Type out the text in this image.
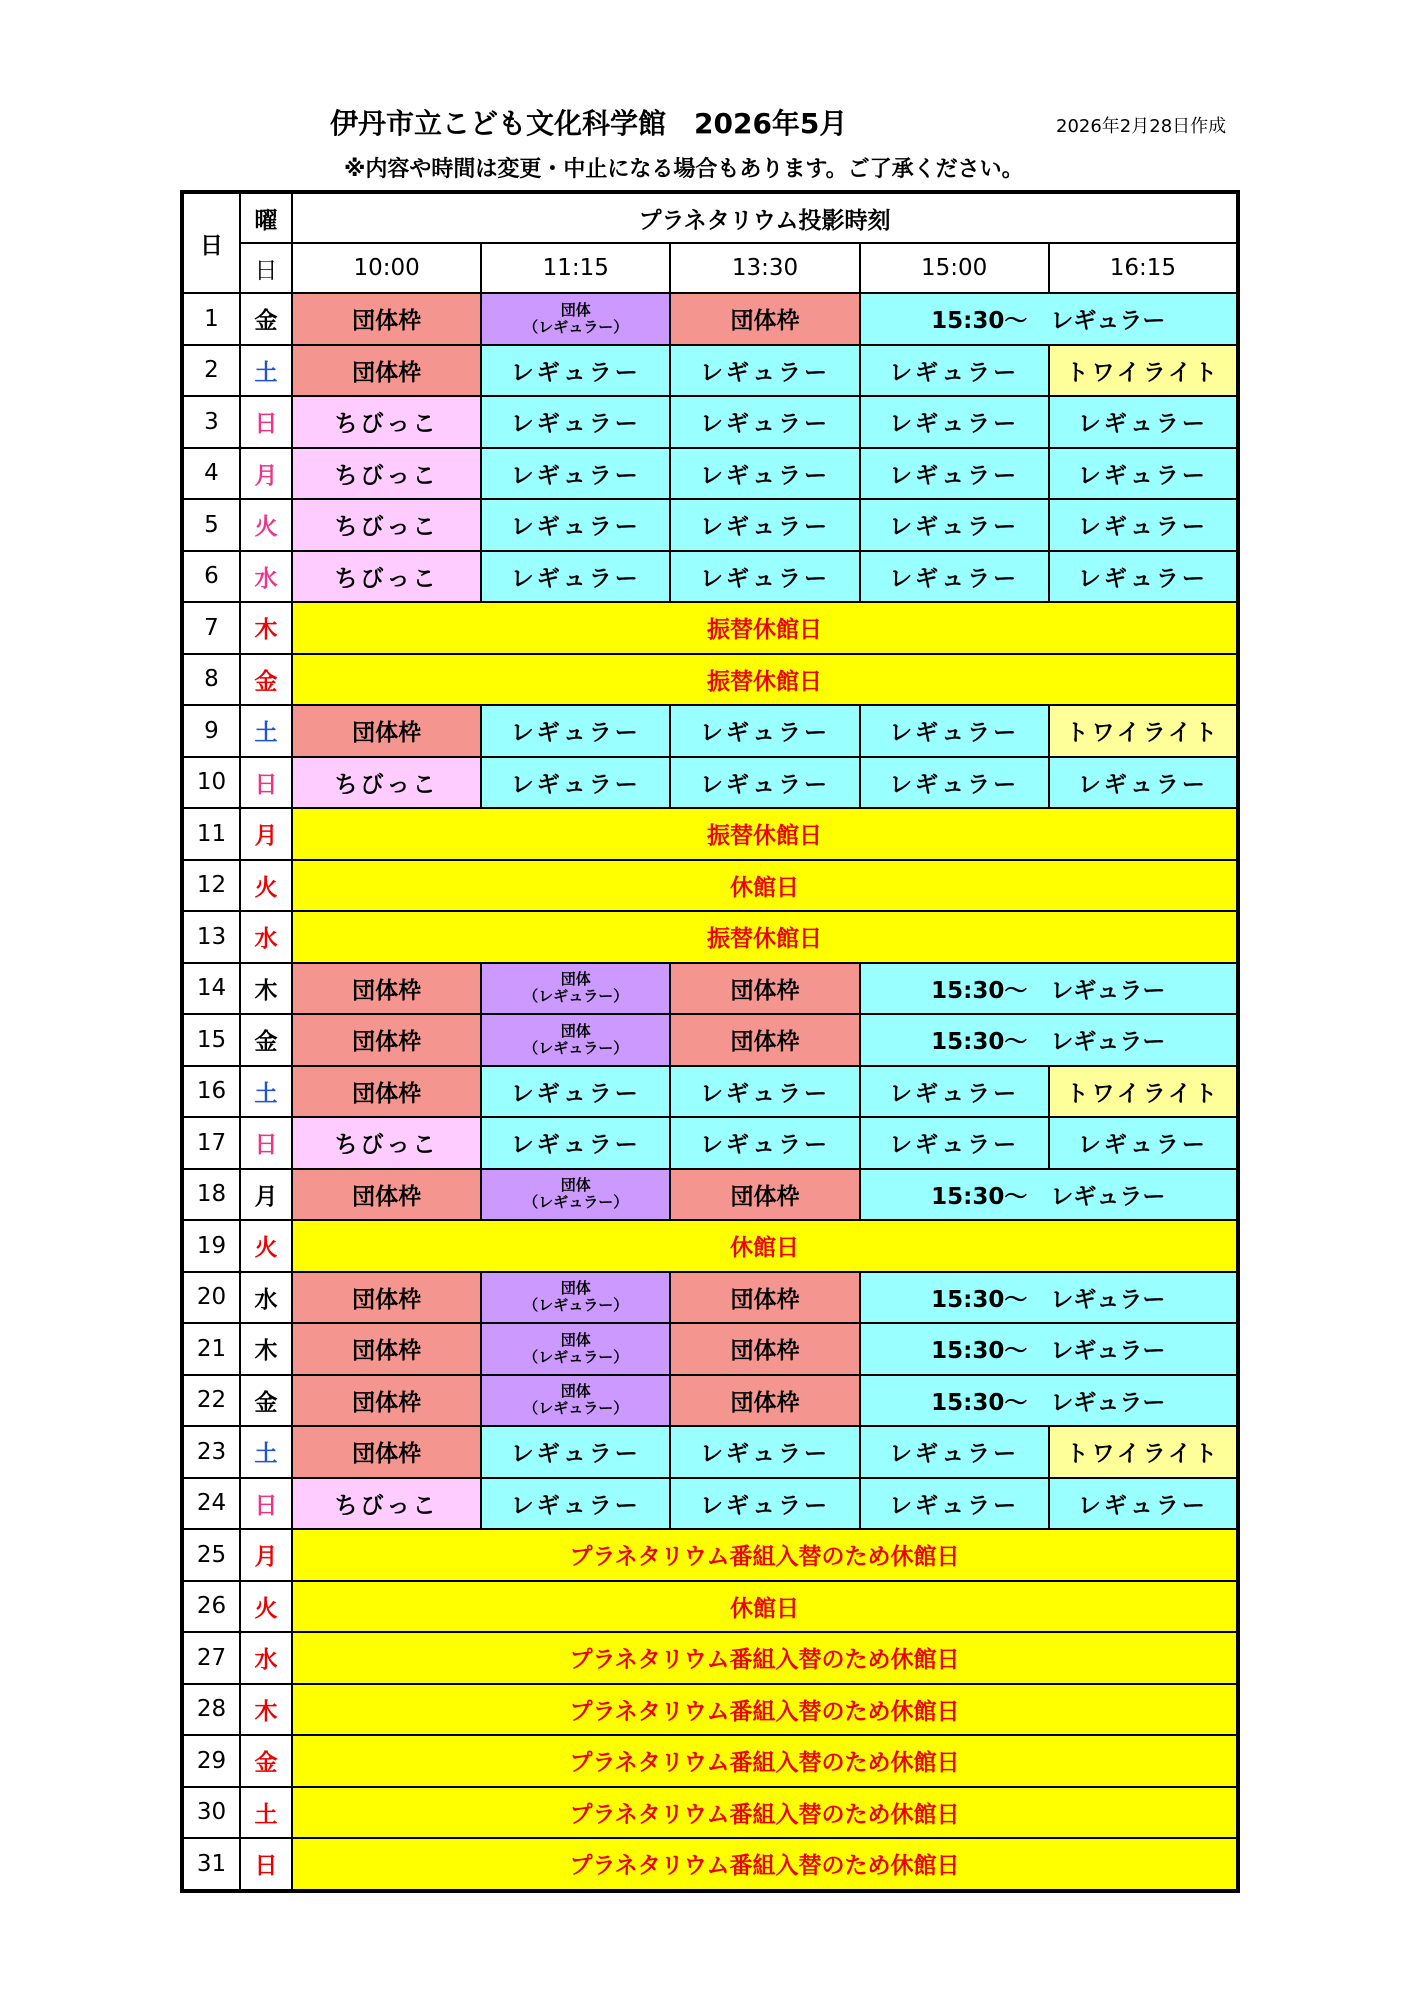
伊丹市立こども文化科学館　2026年5月	2026年2月28日作成
※内容や時間は変更・中止になる場合もあります。ご了承ください。
日	曜	プラネタリウム投影時刻				
	日	10:00	11:15	13:30	15:00	16:15
1	金	団体枠	団体
（レギュラー）	団体枠	15:30～　レギュラー	
2	土	団体枠	レギュラー	レギュラー	レギュラー	トワイライト
3	日	ちびっこ	レギュラー	レギュラー	レギュラー	レギュラー
4	月	ちびっこ	レギュラー	レギュラー	レギュラー	レギュラー
5	火	ちびっこ	レギュラー	レギュラー	レギュラー	レギュラー
6	水	ちびっこ	レギュラー	レギュラー	レギュラー	レギュラー
7	木	振替休館日				
8	金	振替休館日				
9	土	団体枠	レギュラー	レギュラー	レギュラー	トワイライト
10	日	ちびっこ	レギュラー	レギュラー	レギュラー	レギュラー
11	月	振替休館日				
12	火	休館日				
13	水	振替休館日				
14	木	団体枠	団体
（レギュラー）	団体枠	15:30～　レギュラー	
15	金	団体枠	団体
（レギュラー）	団体枠	15:30～　レギュラー	
16	土	団体枠	レギュラー	レギュラー	レギュラー	トワイライト
17	日	ちびっこ	レギュラー	レギュラー	レギュラー	レギュラー
18	月	団体枠	団体
（レギュラー）	団体枠	15:30～　レギュラー	
19	火	休館日				
20	水	団体枠	団体
（レギュラー）	団体枠	15:30～　レギュラー	
21	木	団体枠	団体
（レギュラー）	団体枠	15:30～　レギュラー	
22	金	団体枠	団体
（レギュラー）	団体枠	15:30～　レギュラー	
23	土	団体枠	レギュラー	レギュラー	レギュラー	トワイライト
24	日	ちびっこ	レギュラー	レギュラー	レギュラー	レギュラー
25	月	プラネタリウム番組入替のため休館日				
26	火	休館日				
27	水	プラネタリウム番組入替のため休館日				
28	木	プラネタリウム番組入替のため休館日				
29	金	プラネタリウム番組入替のため休館日				
30	土	プラネタリウム番組入替のため休館日				
31	日	プラネタリウム番組入替のため休館日				
